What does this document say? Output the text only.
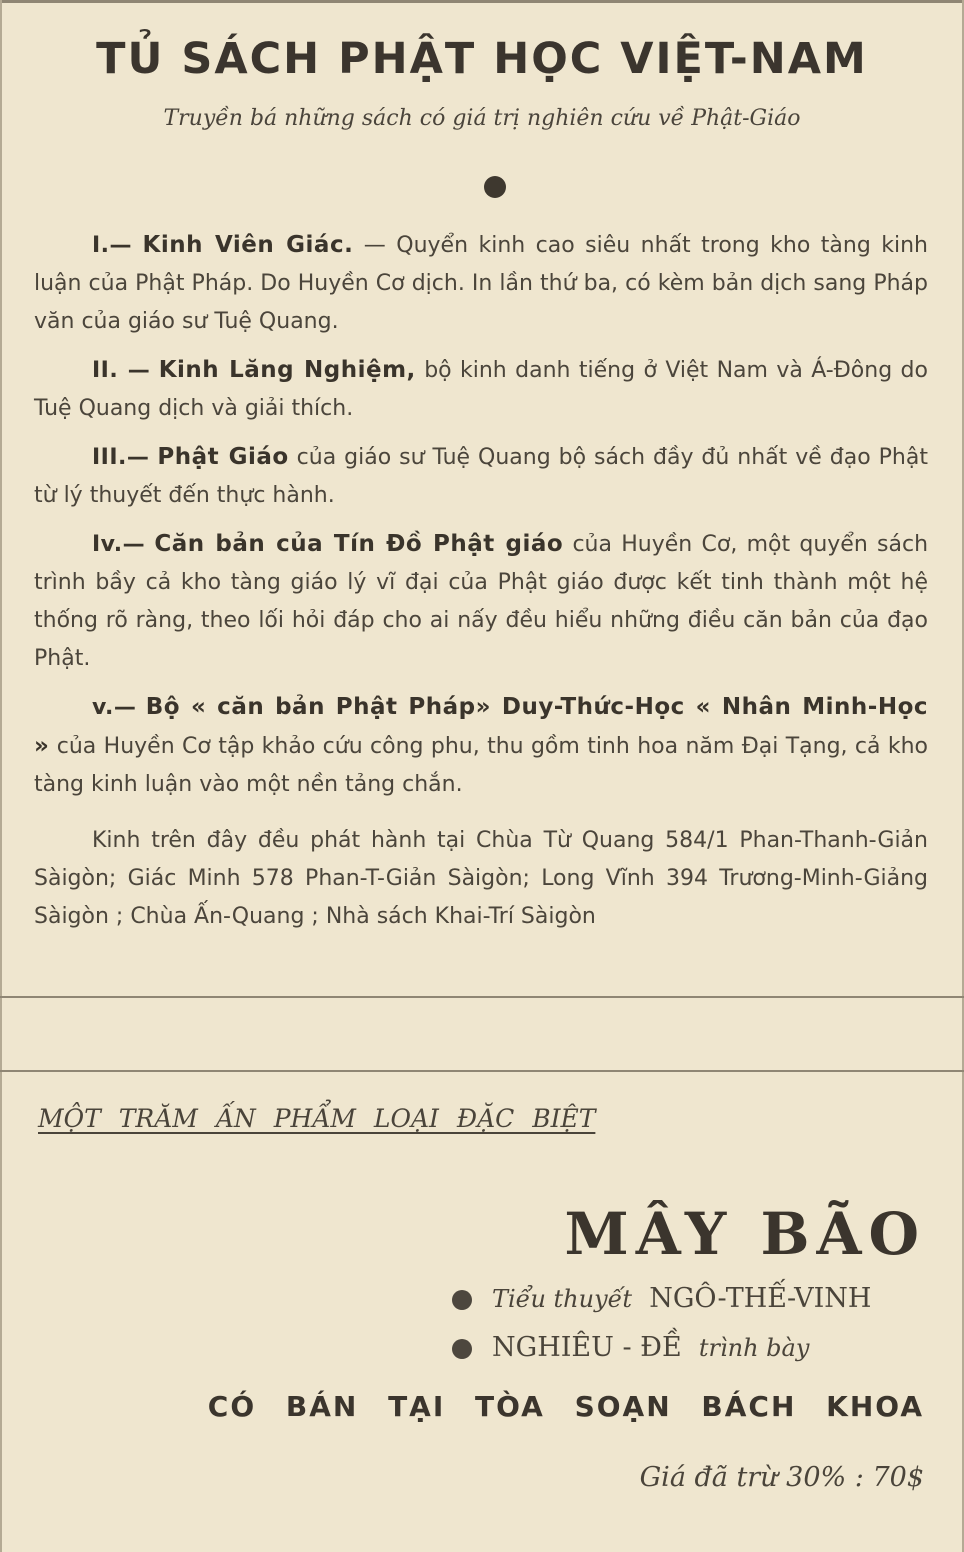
TỦ SÁCH PHẬT HỌC VIỆT-NAM

Truyền bá những sách có giá trị nghiên cứu về Phật-Giáo

I.— Kinh Viên Giác. — Quyển kinh cao siêu nhất trong kho tàng kinh luận của Phật Pháp. Do Huyền Cơ dịch. In lần thứ ba, có kèm bản dịch sang Pháp văn của giáo sư Tuệ Quang.

II. — Kinh Lăng Nghiệm, bộ kinh danh tiếng ở Việt Nam và Á-Đông do Tuệ Quang dịch và giải thích.

III.— Phật Giáo của giáo sư Tuệ Quang bộ sách đầy đủ nhất về đạo Phật từ lý thuyết đến thực hành.

Iv.— Căn bản của Tín Đồ Phật giáo của Huyền Cơ, một quyển sách trình bầy cả kho tàng giáo lý vĩ đại của Phật giáo được kết tinh thành một hệ thống rõ ràng, theo lối hỏi đáp cho ai nấy đều hiểu những điều căn bản của đạo Phật.

v.— Bộ « căn bản Phật Pháp» Duy-Thức-Học « Nhân Minh-Học » của Huyền Cơ tập khảo cứu công phu, thu gồm tinh hoa năm Đại Tạng, cả kho tàng kinh luận vào một nền tảng chắn.

Kinh trên đây đều phát hành tại Chùa Từ Quang 584/1 Phan-Thanh-Giản Sàigòn; Giác Minh 578 Phan-T-Giản Sàigòn; Long Vĩnh 394 Trương-Minh-Giảng Sàigòn ; Chùa Ấn-Quang ; Nhà sách Khai-Trí Sàigòn

MỘT TRĂM ẤN PHẨM LOẠI ĐẶC BIỆT

MÂY BÃO
Tiểu thuyết NGÔ-THẾ-VINH
NGHIÊU - ĐỀ trình bày

CÓ BÁN TẠI TÒA SOẠN BÁCH KHOA

Giá đã trừ 30% : 70$
